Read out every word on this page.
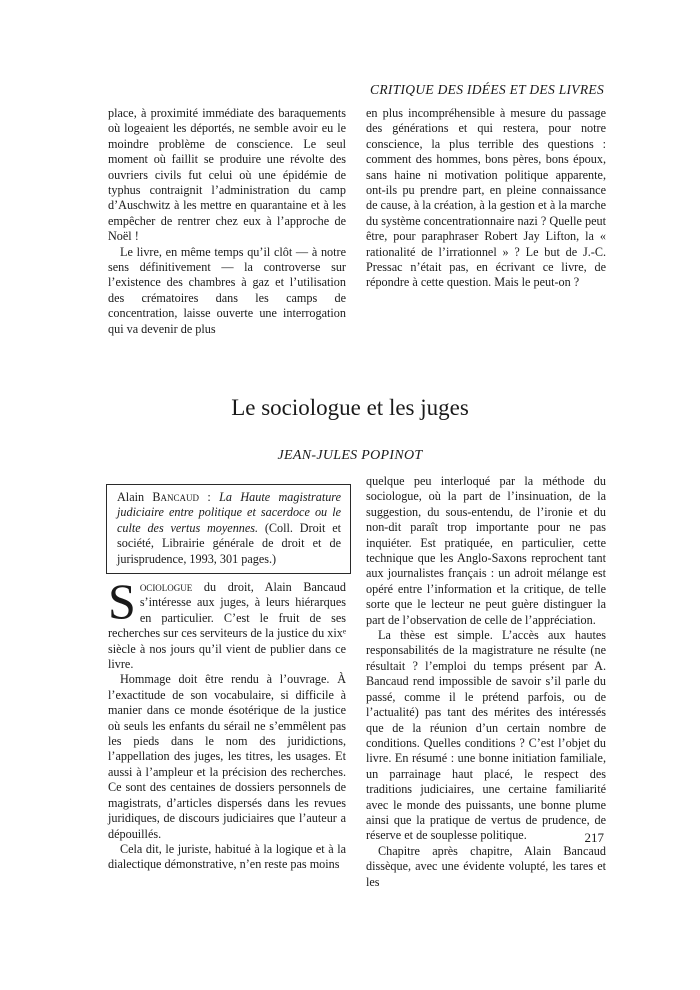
CRITIQUE DES IDÉES ET DES LIVRES

place, à proximité immédiate des baraquements où logeaient les déportés, ne semble avoir eu le moindre problème de conscience. Le seul moment où faillit se produire une révolte des ouvriers civils fut celui où une épidémie de typhus contraignit l’administration du camp d’Auschwitz à les mettre en quarantaine et à les empêcher de rentrer chez eux à l’approche de Noël !

Le livre, en même temps qu’il clôt — à notre sens définitivement — la controverse sur l’existence des chambres à gaz et l’utilisation des crématoires dans les camps de concentration, laisse ouverte une interrogation qui va devenir de plus

en plus incompréhensible à mesure du passage des générations et qui restera, pour notre conscience, la plus terrible des questions : comment des hommes, bons pères, bons époux, sans haine ni motivation politique apparente, ont-ils pu prendre part, en pleine connaissance de cause, à la création, à la gestion et à la marche du système concentrationnaire nazi ? Quelle peut être, pour paraphraser Robert Jay Lifton, la « rationalité de l’irrationnel » ? Le but de J.-C. Pressac n’était pas, en écrivant ce livre, de répondre à cette question. Mais le peut-on ?

Le sociologue et les juges
JEAN-JULES POPINOT
Alain Bancaud : La Haute magistrature judiciaire entre politique et sacerdoce ou le culte des vertus moyennes. (Coll. Droit et société, Librairie générale de droit et de jurisprudence, 1993, 301 pages.)

Sociologue du droit, Alain Bancaud s’intéresse aux juges, à leurs hiérarques en particulier. C’est le fruit de ses recherches sur ces serviteurs de la justice du xixᵉ siècle à nos jours qu’il vient de publier dans ce livre.

Hommage doit être rendu à l’ouvrage. À l’exactitude de son vocabulaire, si difficile à manier dans ce monde ésotérique de la justice où seuls les enfants du sérail ne s’emmêlent pas les pieds dans le nom des juridictions, l’appellation des juges, les titres, les usages. Et aussi à l’ampleur et la précision des recherches. Ce sont des centaines de dossiers personnels de magistrats, d’articles dispersés dans les revues juridiques, de discours judiciaires que l’auteur a dépouillés.

Cela dit, le juriste, habitué à la logique et à la dialectique démonstrative, n’en reste pas moins

quelque peu interloqué par la méthode du sociologue, où la part de l’insinuation, de la suggestion, du sous-entendu, de l’ironie et du non-dit paraît trop importante pour ne pas inquiéter. Est pratiquée, en particulier, cette technique que les Anglo-Saxons reprochent tant aux journalistes français : un adroit mélange est opéré entre l’information et la critique, de telle sorte que le lecteur ne peut guère distinguer la part de l’observation de celle de l’appréciation.

La thèse est simple. L’accès aux hautes responsabilités de la magistrature ne résulte (ne résultait ? l’emploi du temps présent par A. Bancaud rend impossible de savoir s’il parle du passé, comme il le prétend parfois, ou de l’actualité) pas tant des mérites des intéressés que de la réunion d’un certain nombre de conditions. Quelles conditions ? C’est l’objet du livre. En résumé : une bonne initiation familiale, un parrainage haut placé, le respect des traditions judiciaires, une certaine familiarité avec le monde des puissants, une bonne plume ainsi que la pratique de vertus de prudence, de réserve et de souplesse politique.

Chapitre après chapitre, Alain Bancaud dissèque, avec une évidente volupté, les tares et les

217
